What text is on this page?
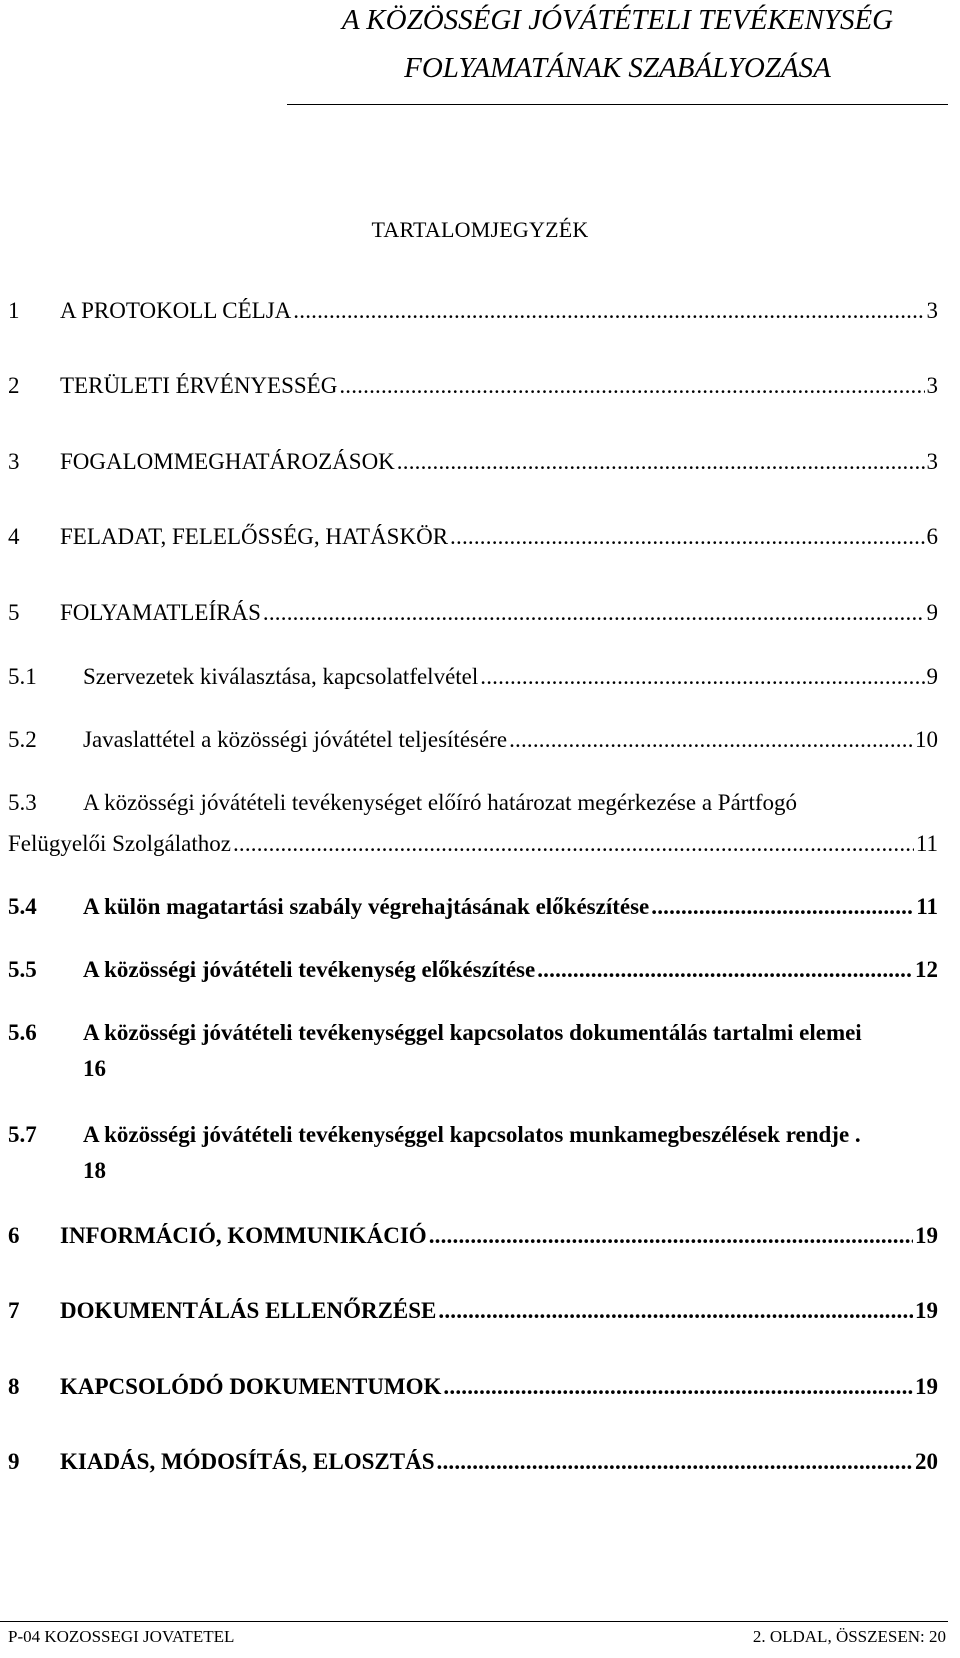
A KÖZÖSSÉGI JÓVÁTÉTELI TEVÉKENYSÉG
FOLYAMATÁNAK SZABÁLYOZÁSA
TARTALOMJEGYZÉK
1	A PROTOKOLL CÉLJA .....	3
2	TERÜLETI ÉRVÉNYESSÉG .....	3
3	FOGALOMMEGHATÁROZÁSOK .....	3
4	FELADAT, FELELŐSSÉG, HATÁSKÖR .....	6
5	FOLYAMATLEÍRÁS .....	9
5.1	Szervezetek kiválasztása, kapcsolatfelvétel .....	9
5.2	Javaslattétel a közösségi jóvátétel teljesítésére .....	10
5.3 A közösségi jóvátételi tevékenységet előíró határozat megérkezése a Pártfogó
Felügyelői Szolgálathoz .....	11
5.4	A külön magatartási szabály végrehajtásának előkészítése .....	11
5.5	A közösségi jóvátételi tevékenység előkészítése .....	12
5.6 A közösségi jóvátételi tevékenységgel kapcsolatos dokumentálás tartalmi elemei
16
5.7 A közösségi jóvátételi tevékenységgel kapcsolatos munkamegbeszélések rendje .
18
6	INFORMÁCIÓ, KOMMUNIKÁCIÓ .....	19
7	DOKUMENTÁLÁS ELLENŐRZÉSE .....	19
8	KAPCSOLÓDÓ DOKUMENTUMOK .....	19
9	KIADÁS, MÓDOSÍTÁS, ELOSZTÁS .....	20
P-04 KOZOSSEGI JOVATETEL	2. OLDAL, ÖSSZESEN: 20
